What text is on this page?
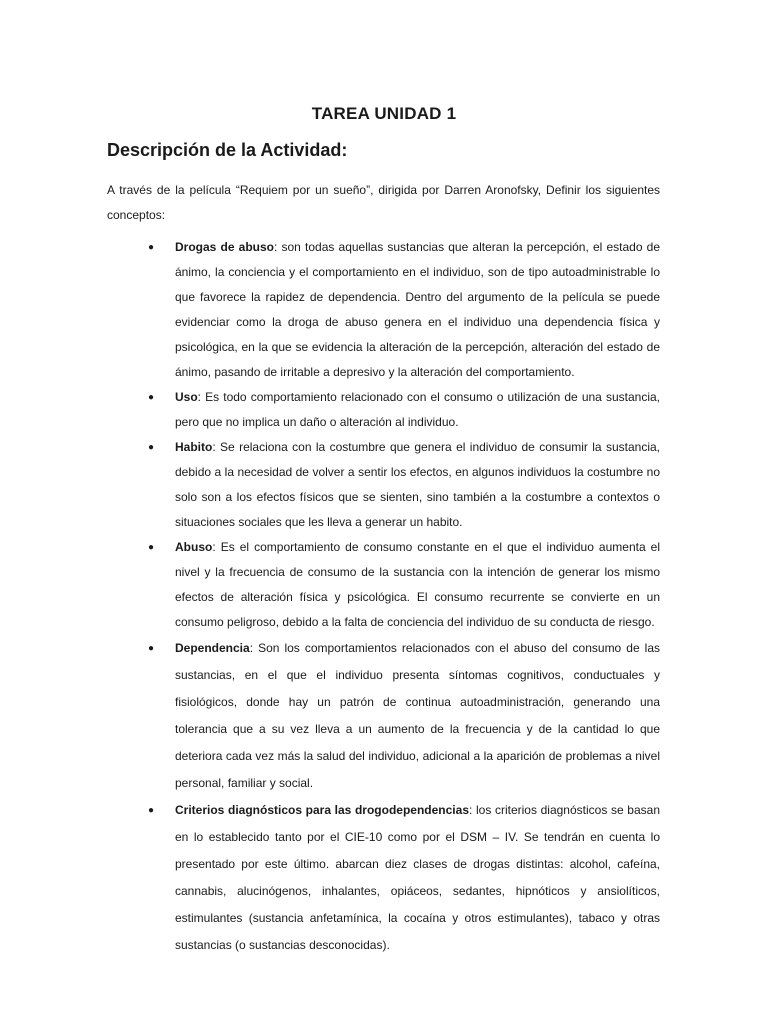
TAREA UNIDAD 1
Descripción de la Actividad:

A través de la película “Requiem por un sueño”, dirigida por Darren Aronofsky, Definir los siguientes conceptos:

● Drogas de abuso: son todas aquellas sustancias que alteran la percepción, el estado de ánimo, la conciencia y el comportamiento en el individuo, son de tipo autoadministrable lo que favorece la rapidez de dependencia. Dentro del argumento de la película se puede evidenciar como la droga de abuso genera en el individuo una dependencia física y psicológica, en la que se evidencia la alteración de la percepción, alteración del estado de ánimo, pasando de irritable a depresivo y la alteración del comportamiento.
● Uso: Es todo comportamiento relacionado con el consumo o utilización de una sustancia, pero que no implica un daño o alteración al individuo.
● Habito: Se relaciona con la costumbre que genera el individuo de consumir la sustancia, debido a la necesidad de volver a sentir los efectos, en algunos individuos la costumbre no solo son a los efectos físicos que se sienten, sino también a la costumbre a contextos o situaciones sociales que les lleva a generar un habito.
● Abuso: Es el comportamiento de consumo constante en el que el individuo aumenta el nivel y la frecuencia de consumo de la sustancia con la intención de generar los mismo efectos de alteración física y psicológica. El consumo recurrente se convierte en un consumo peligroso, debido a la falta de conciencia del individuo de su conducta de riesgo.
● Dependencia: Son los comportamientos relacionados con el abuso del consumo de las sustancias, en el que el individuo presenta síntomas cognitivos, conductuales y fisiológicos, donde hay un patrón de continua autoadministración, generando una tolerancia que a su vez lleva a un aumento de la frecuencia y de la cantidad lo que deteriora cada vez más la salud del individuo, adicional a la aparición de problemas a nivel personal, familiar y social.
● Criterios diagnósticos para las drogodependencias: los criterios diagnósticos se basan en lo establecido tanto por el CIE-10 como por el DSM – IV. Se tendrán en cuenta lo presentado por este último. abarcan diez clases de drogas distintas: alcohol, cafeína, cannabis, alucinógenos, inhalantes, opiáceos, sedantes, hipnóticos y ansiolíticos, estimulantes (sustancia anfetamínica, la cocaína y otros estimulantes), tabaco y otras sustancias (o sustancias desconocidas).
